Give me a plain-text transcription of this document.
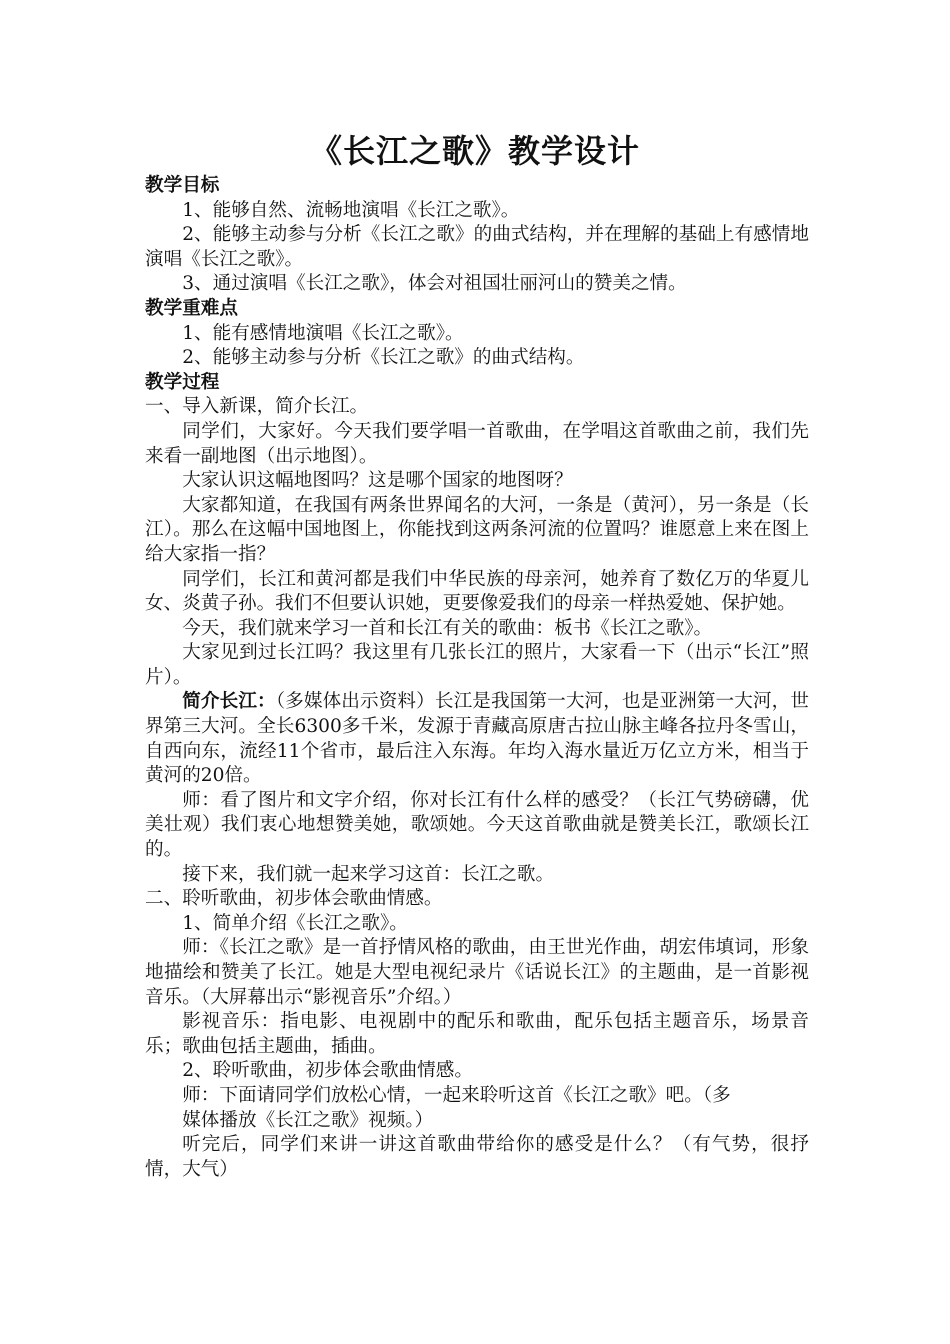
《长江之歌》教学设计

教学目标

1、能够自然、流畅地演唱《长江之歌》。

2、能够主动参与分析《长江之歌》的曲式结构，并在理解的基础上有感情地演唱《长江之歌》。

3、通过演唱《长江之歌》，体会对祖国壮丽河山的赞美之情。

教学重难点

1、能有感情地演唱《长江之歌》。

2、能够主动参与分析《长江之歌》的曲式结构。

教学过程

一、导入新课，简介长江。

同学们，大家好。今天我们要学唱一首歌曲，在学唱这首歌曲之前，我们先来看一副地图（出示地图）。

大家认识这幅地图吗？这是哪个国家的地图呀？

大家都知道，在我国有两条世界闻名的大河，一条是（黄河），另一条是（长江）。那么在这幅中国地图上，你能找到这两条河流的位置吗？谁愿意上来在图上给大家指一指？

同学们，长江和黄河都是我们中华民族的母亲河，她养育了数亿万的华夏儿女、炎黄子孙。我们不但要认识她，更要像爱我们的母亲一样热爱她、保护她。

今天，我们就来学习一首和长江有关的歌曲：板书《长江之歌》。

大家见到过长江吗？我这里有几张长江的照片，大家看一下（出示“长江”照片）。

简介长江：（多媒体出示资料）长江是我国第一大河，也是亚洲第一大河，世界第三大河。全长6300多千米，发源于青藏高原唐古拉山脉主峰各拉丹冬雪山，自西向东，流经11个省市，最后注入东海。年均入海水量近万亿立方米，相当于黄河的20倍。

师：看了图片和文字介绍，你对长江有什么样的感受？（长江气势磅礴，优美壮观）我们衷心地想赞美她，歌颂她。今天这首歌曲就是赞美长江，歌颂长江的。

接下来，我们就一起来学习这首：长江之歌。

二、聆听歌曲，初步体会歌曲情感。

1、简单介绍《长江之歌》。

师：《长江之歌》是一首抒情风格的歌曲，由王世光作曲，胡宏伟填词，形象地描绘和赞美了长江。她是大型电视纪录片《话说长江》的主题曲，是一首影视音乐。（大屏幕出示“影视音乐”介绍。）

影视音乐：指电影、电视剧中的配乐和歌曲，配乐包括主题音乐，场景音乐；歌曲包括主题曲，插曲。

2、聆听歌曲，初步体会歌曲情感。

师：下面请同学们放松心情，一起来聆听这首《长江之歌》吧。（多

媒体播放《长江之歌》视频。）

听完后，同学们来讲一讲这首歌曲带给你的感受是什么？（有气势，很抒情，大气）
